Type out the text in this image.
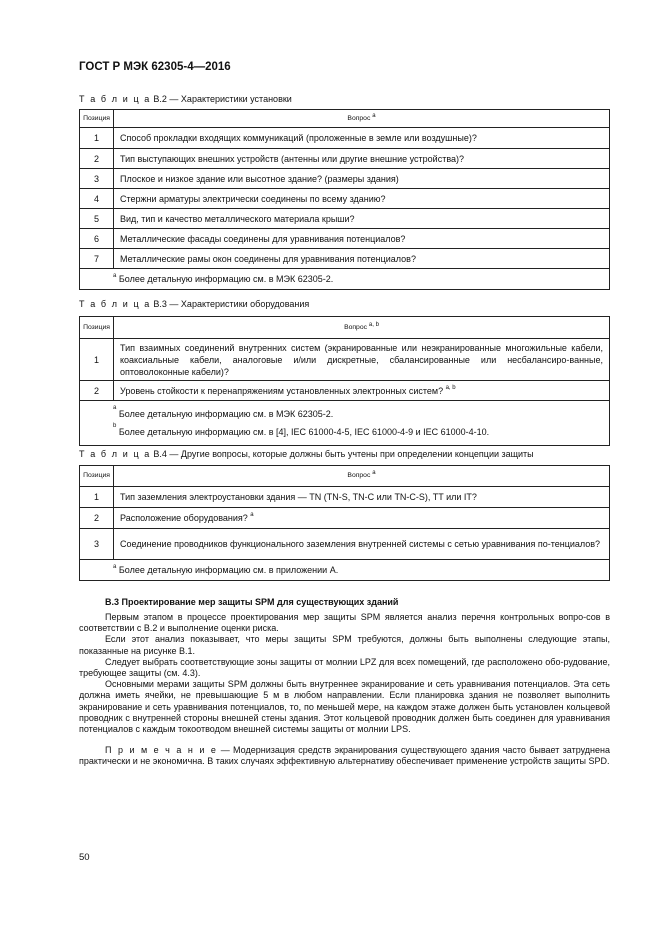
ГОСТ Р МЭК 62305-4—2016
Т а б л и ц а В.2 — Характеристики установки
Позиция	Вопрос $^a$
1	Способ прокладки входящих коммуникаций (проложенные в земле или воздушные)?
2	Тип выступающих внешних устройств (антенны или другие внешние устройства)?
3	Плоское и низкое здание или высотное здание? (размеры здания)
4	Стержни арматуры электрически соединены по всему зданию?
5	Вид, тип и качество металлического материала крыши?
6	Металлические фасады соединены для уравнивания потенциалов?
7	Металлические рамы окон соединены для уравнивания потенциалов?
$^a$ Более детальную информацию см. в МЭК 62305-2.	
Т а б л и ц а В.3 — Характеристики оборудования
Позиция	Вопрос $^{a, b}$
1	Тип взаимных соединений внутренних систем (экранированные или неэкранированные многожильные кабели, коаксиальные кабели, аналоговые и/или дискретные, сбалансированные или несбалансиро-ванные, оптоволоконные кабели)?
2	Уровень стойкости к перенапряжениям установленных электронных систем? $^{a, b}$

$^a$ Более детальную информацию см. в МЭК 62305-2.
$^b$ Более детальную информацию см. в [4], IEC 61000-4-5, IEC 61000-4-9 и IEC 61000-4-10.	
Т а б л и ц а В.4 — Другие вопросы, которые должны быть учтены при определении концепции защиты
Позиция	Вопрос $^a$
1	Тип заземления электроустановки здания — TN (TN-S, TN-C или TN-C-S), TT или IT?
2	Расположение оборудования? $^a$
3	Соединение проводников функционального заземления внутренней системы с сетью уравнивания по-тенциалов?
$^a$ Более детальную информацию см. в приложении А.	
В.3 Проектирование мер защиты SPM для существующих зданий

Первым этапом в процессе проектирования мер защиты SPM является анализ перечня контрольных вопро-сов в соответствии с В.2 и выполнение оценки риска.

Если этот анализ показывает, что меры защиты SPM требуются, должны быть выполнены следующие этапы, показанные на рисунке В.1.

Следует выбрать соответствующие зоны защиты от молнии LPZ для всех помещений, где расположено обо-рудование, требующее защиты (см. 4.3).

Основными мерами защиты SPM должны быть внутреннее экранирование и сеть уравнивания потенциалов. Эта сеть должна иметь ячейки, не превышающие 5 м в любом направлении. Если планировка здания не позволяет выполнить экранирование и сеть уравнивания потенциалов, то, по меньшей мере, на каждом этаже должен быть установлен кольцевой проводник с внутренней стороны внешней стены здания. Этот кольцевой проводник должен быть соединен для уравнивания потенциалов с каждым токоотводом внешней системы защиты от молнии LPS.

П р и м е ч а н и е — Модернизация средств экранирования существующего здания часто бывает затруднена практически и не экономична. В таких случаях эффективную альтернативу обеспечивает применение устройств защиты SPD.
50
